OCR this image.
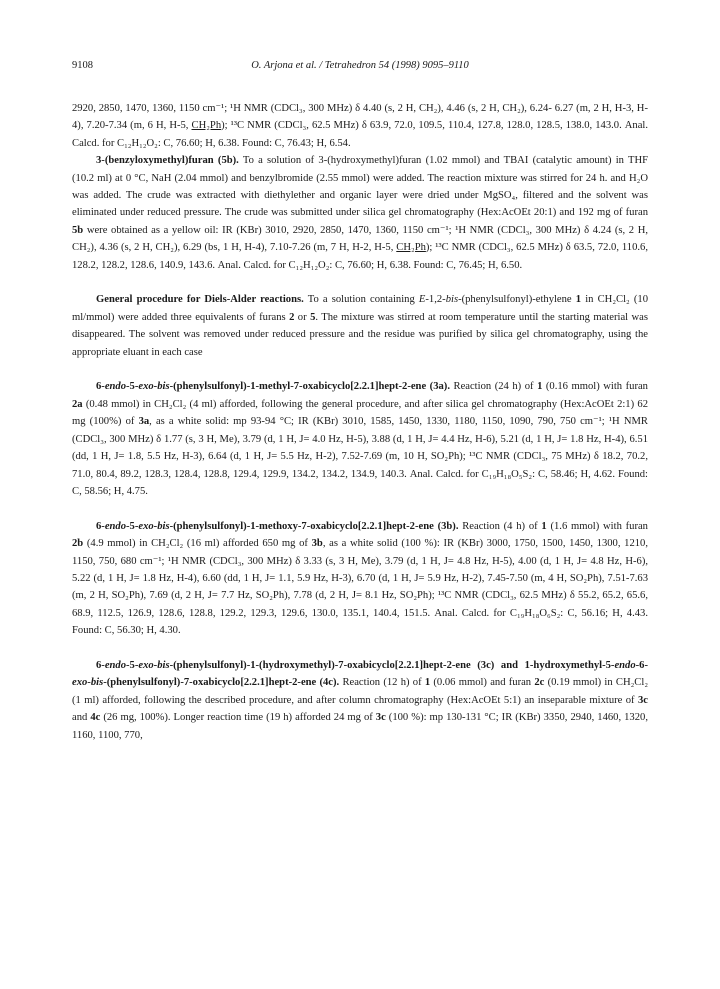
9108	O. Arjona et al. / Tetrahedron 54 (1998) 9095–9110

2920, 2850, 1470, 1360, 1150 cm⁻¹; ¹H NMR (CDCl₃, 300 MHz) δ 4.40 (s, 2 H, CH₂), 4.46 (s, 2 H, CH₂), 6.24- 6.27 (m, 2 H, H-3, H-4), 7.20-7.34 (m, 6 H, H-5, CH₂Ph); ¹³C NMR (CDCl₃, 62.5 MHz) δ 63.9, 72.0, 109.5, 110.4, 127.8, 128.0, 128.5, 138.0, 143.0. Anal. Calcd. for C₁₂H₁₂O₂: C, 76.60; H, 6.38. Found: C, 76.43; H, 6.54.

3-(benzyloxymethyl)furan (5b). To a solution of 3-(hydroxymethyl)furan (1.02 mmol) and TBAI (catalytic amount) in THF (10.2 ml) at 0 °C, NaH (2.04 mmol) and benzylbromide (2.55 mmol) were added. The reaction mixture was stirred for 24 h. and H₂O was added. The crude was extracted with diethylether and organic layer were dried under MgSO₄, filtered and the solvent was eliminated under reduced pressure. The crude was submitted under silica gel chromatography (Hex:AcOEt 20:1) and 192 mg of furan 5b were obtained as a yellow oil: IR (KBr) 3010, 2920, 2850, 1470, 1360, 1150 cm⁻¹; ¹H NMR (CDCl₃, 300 MHz) δ 4.24 (s, 2 H, CH₂), 4.36 (s, 2 H, CH₂), 6.29 (bs, 1 H, H-4), 7.10-7.26 (m, 7 H, H-2, H-5, CH₂Ph); ¹³C NMR (CDCl₃, 62.5 MHz) δ 63.5, 72.0, 110.6, 128.2, 128.2, 128.6, 140.9, 143.6. Anal. Calcd. for C₁₂H₁₂O₂: C, 76.60; H, 6.38. Found: C, 76.45; H, 6.50.

General procedure for Diels-Alder reactions. To a solution containing E-1,2-bis-(phenylsulfonyl)-ethylene 1 in CH₂Cl₂ (10 ml/mmol) were added three equivalents of furans 2 or 5. The mixture was stirred at room temperature until the starting material was disappeared. The solvent was removed under reduced pressure and the residue was purified by silica gel chromatography, using the appropriate eluant in each case

6-endo-5-exo-bis-(phenylsulfonyl)-1-methyl-7-oxabicyclo[2.2.1]hept-2-ene (3a). Reaction (24 h) of 1 (0.16 mmol) with furan 2a (0.48 mmol) in CH₂Cl₂ (4 ml) afforded, following the general procedure, and after silica gel chromatography (Hex:AcOEt 2:1) 62 mg (100%) of 3a, as a white solid: mp 93-94 °C; IR (KBr) 3010, 1585, 1450, 1330, 1180, 1150, 1090, 790, 750 cm⁻¹; ¹H NMR (CDCl₃, 300 MHz) δ 1.77 (s, 3 H, Me), 3.79 (d, 1 H, J= 4.0 Hz, H-5), 3.88 (d, 1 H, J= 4.4 Hz, H-6), 5.21 (d, 1 H, J= 1.8 Hz, H-4), 6.51 (dd, 1 H, J= 1.8, 5.5 Hz, H-3), 6.64 (d, 1 H, J= 5.5 Hz, H-2), 7.52-7.69 (m, 10 H, SO₂Ph); ¹³C NMR (CDCl₃, 75 MHz) δ 18.2, 70.2, 71.0, 80.4, 89.2, 128.3, 128.4, 128.8, 129.4, 129.9, 134.2, 134.2, 134.9, 140.3. Anal. Calcd. for C₁₉H₁₈O₅S₂: C, 58.46; H, 4.62. Found: C, 58.56; H, 4.75.

6-endo-5-exo-bis-(phenylsulfonyl)-1-methoxy-7-oxabicyclo[2.2.1]hept-2-ene (3b). Reaction (4 h) of 1 (1.6 mmol) with furan 2b (4.9 mmol) in CH₂Cl₂ (16 ml) afforded 650 mg of 3b, as a white solid (100 %): IR (KBr) 3000, 1750, 1500, 1450, 1300, 1210, 1150, 750, 680 cm⁻¹; ¹H NMR (CDCl₃, 300 MHz) δ 3.33 (s, 3 H, Me), 3.79 (d, 1 H, J= 4.8 Hz, H-5), 4.00 (d, 1 H, J= 4.8 Hz, H-6), 5.22 (d, 1 H, J= 1.8 Hz, H-4), 6.60 (dd, 1 H, J= 1.1, 5.9 Hz, H-3), 6.70 (d, 1 H, J= 5.9 Hz, H-2), 7.45-7.50 (m, 4 H, SO₂Ph), 7.51-7.63 (m, 2 H, SO₂Ph), 7.69 (d, 2 H, J= 7.7 Hz, SO₂Ph), 7.78 (d, 2 H, J= 8.1 Hz, SO₂Ph); ¹³C NMR (CDCl₃, 62.5 MHz) δ 55.2, 65.2, 65.6, 68.9, 112.5, 126.9, 128.6, 128.8, 129.2, 129.3, 129.6, 130.0, 135.1, 140.4, 151.5. Anal. Calcd. for C₁₉H₁₈O₆S₂: C, 56.16; H, 4.43. Found: C, 56.30; H, 4.30.

6-endo-5-exo-bis-(phenylsulfonyl)-1-(hydroxymethyl)-7-oxabicyclo[2.2.1]hept-2-ene (3c) and 1-hydroxymethyl-5-endo-6-exo-bis-(phenylsulfonyl)-7-oxabicyclo[2.2.1]hept-2-ene (4c). Reaction (12 h) of 1 (0.06 mmol) and furan 2c (0.19 mmol) in CH₂Cl₂ (1 ml) afforded, following the described procedure, and after column chromatography (Hex:AcOEt 5:1) an inseparable mixture of 3c and 4c (26 mg, 100%). Longer reaction time (19 h) afforded 24 mg of 3c (100 %): mp 130-131 °C; IR (KBr) 3350, 2940, 1460, 1320, 1160, 1100, 770,
